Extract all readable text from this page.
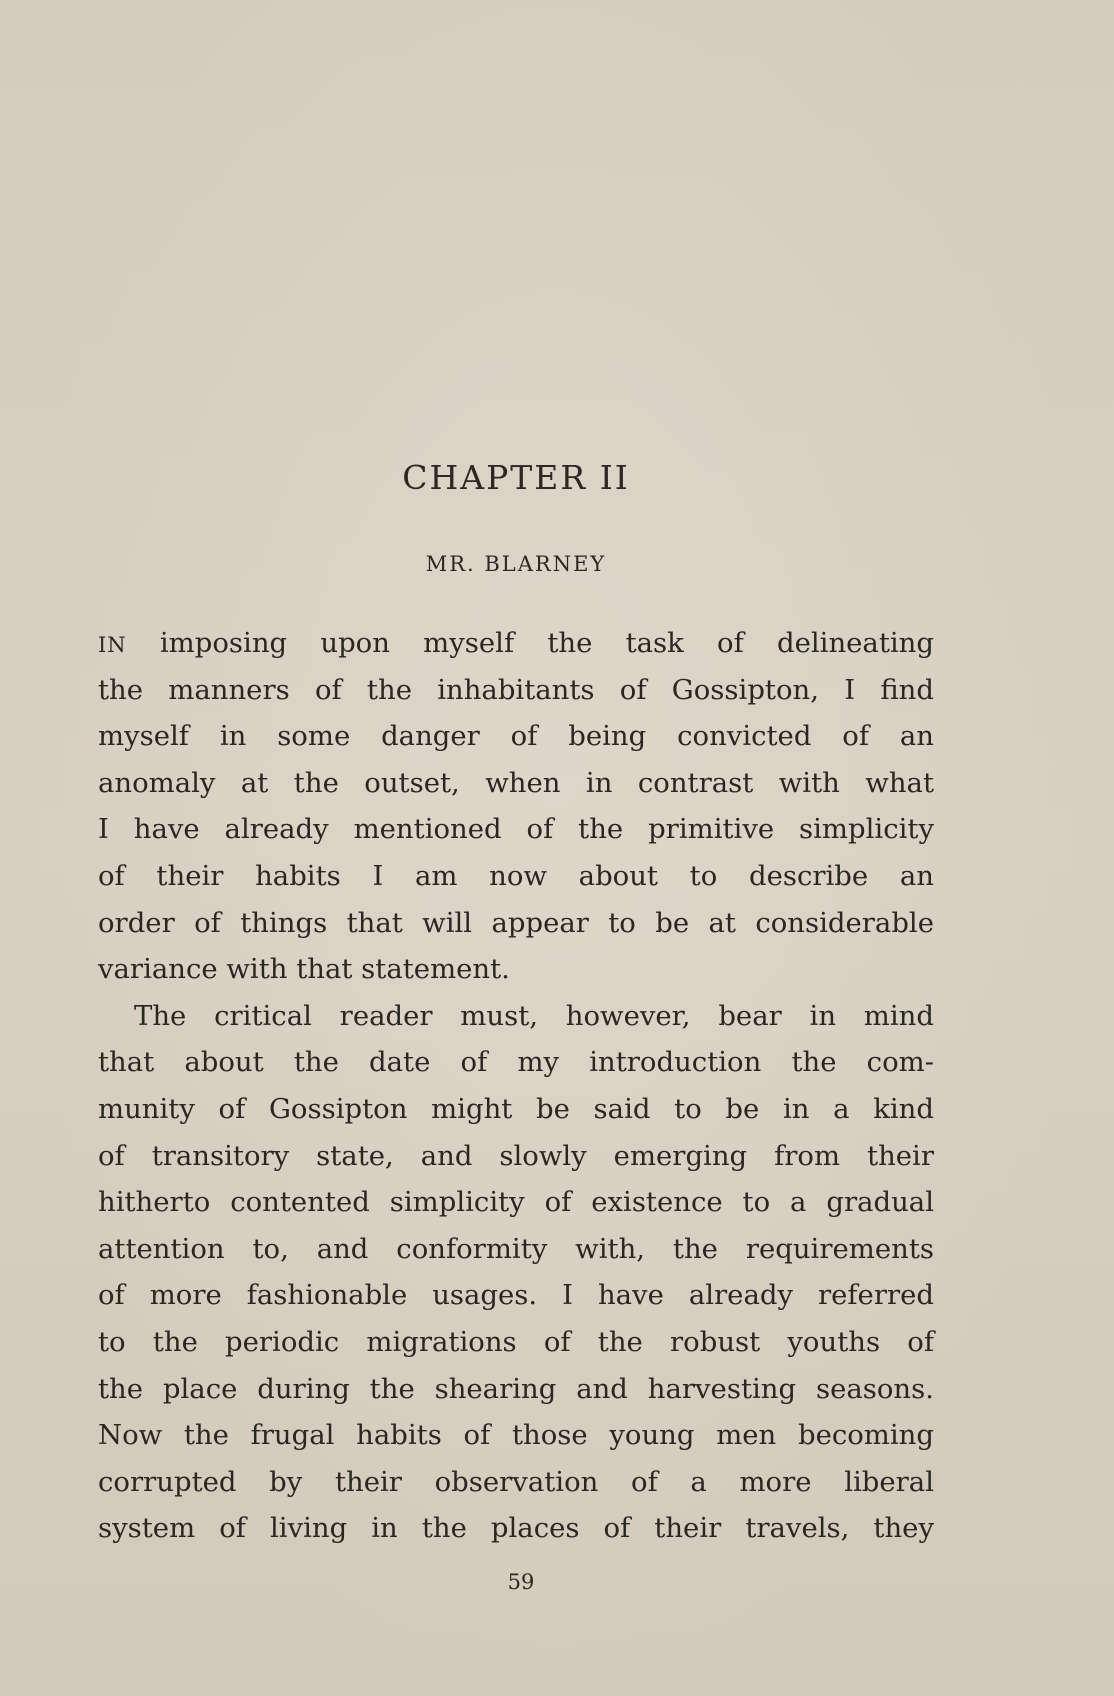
CHAPTER II
MR. BLARNEY
IN imposing upon myself the task of delineating
the manners of the inhabitants of Gossipton, I find
myself in some danger of being convicted of an
anomaly at the outset, when in contrast with what
I have already mentioned of the primitive simplicity
of their habits I am now about to describe an
order of things that will appear to be at considerable
variance with that statement.
The critical reader must, however, bear in mind
that about the date of my introduction the com-
munity of Gossipton might be said to be in a kind
of transitory state, and slowly emerging from their
hitherto contented simplicity of existence to a gradual
attention to, and conformity with, the requirements
of more fashionable usages. I have already referred
to the periodic migrations of the robust youths of
the place during the shearing and harvesting seasons.
Now the frugal habits of those young men becoming
corrupted by their observation of a more liberal
system of living in the places of their travels, they
59
